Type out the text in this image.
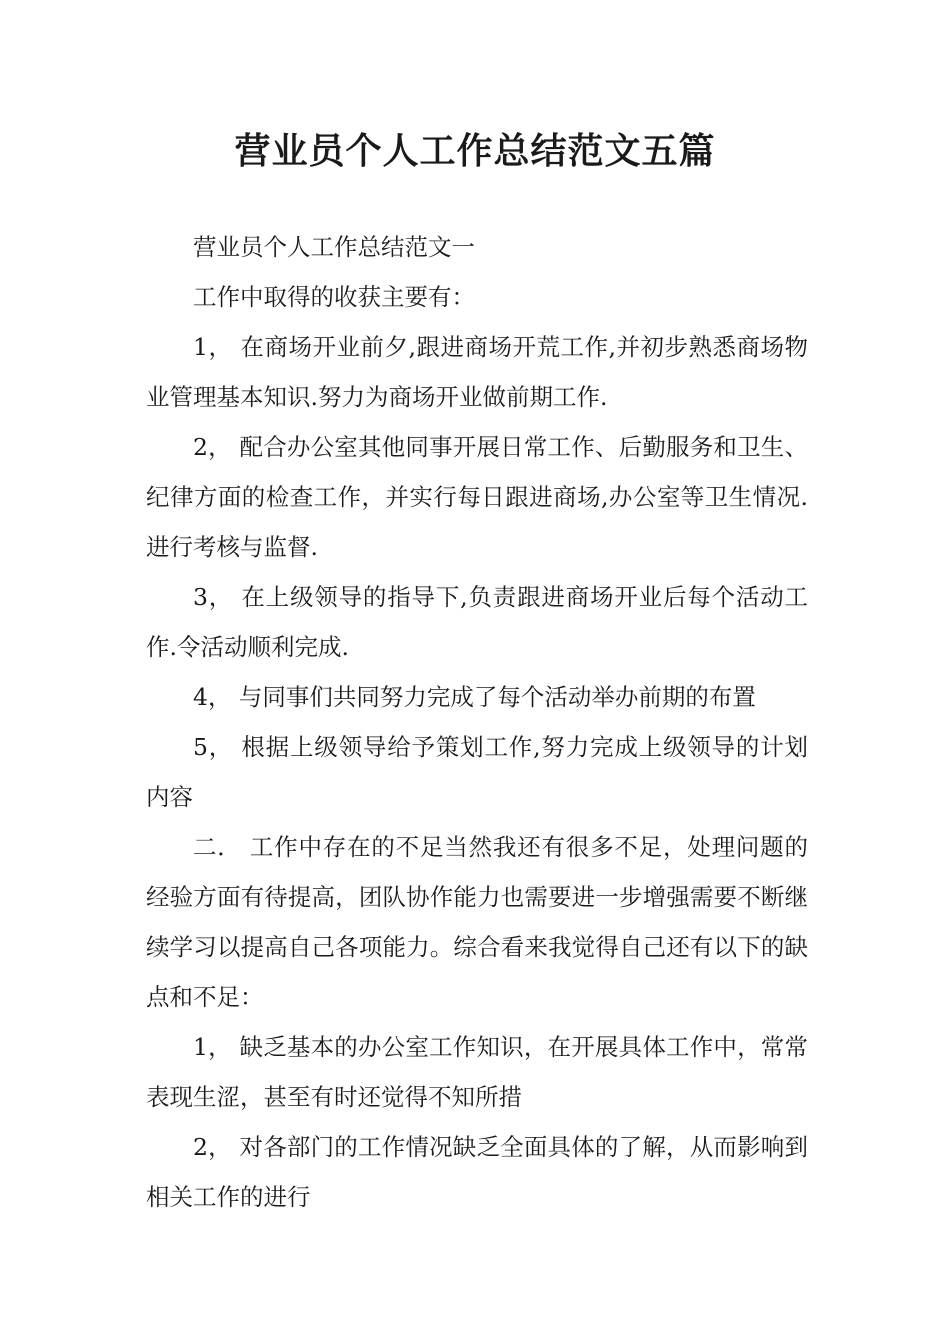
营业员个人工作总结范文五篇

营业员个人工作总结范文一

工作中取得的收获主要有：

1， 在商场开业前夕,跟进商场开荒工作,并初步熟悉商场物业管理基本知识.努力为商场开业做前期工作.

2， 配合办公室其他同事开展日常工作、后勤服务和卫生、纪律方面的检查工作，并实行每日跟进商场,办公室等卫生情况.进行考核与监督.

3， 在上级领导的指导下,负责跟进商场开业后每个活动工作.令活动顺利完成.

4， 与同事们共同努力完成了每个活动举办前期的布置

5， 根据上级领导给予策划工作,努力完成上级领导的计划内容

二． 工作中存在的不足当然我还有很多不足，处理问题的经验方面有待提高，团队协作能力也需要进一步增强需要不断继续学习以提高自己各项能力。综合看来我觉得自己还有以下的缺点和不足：

1， 缺乏基本的办公室工作知识，在开展具体工作中，常常表现生涩，甚至有时还觉得不知所措

2， 对各部门的工作情况缺乏全面具体的了解，从而影响到相关工作的进行
